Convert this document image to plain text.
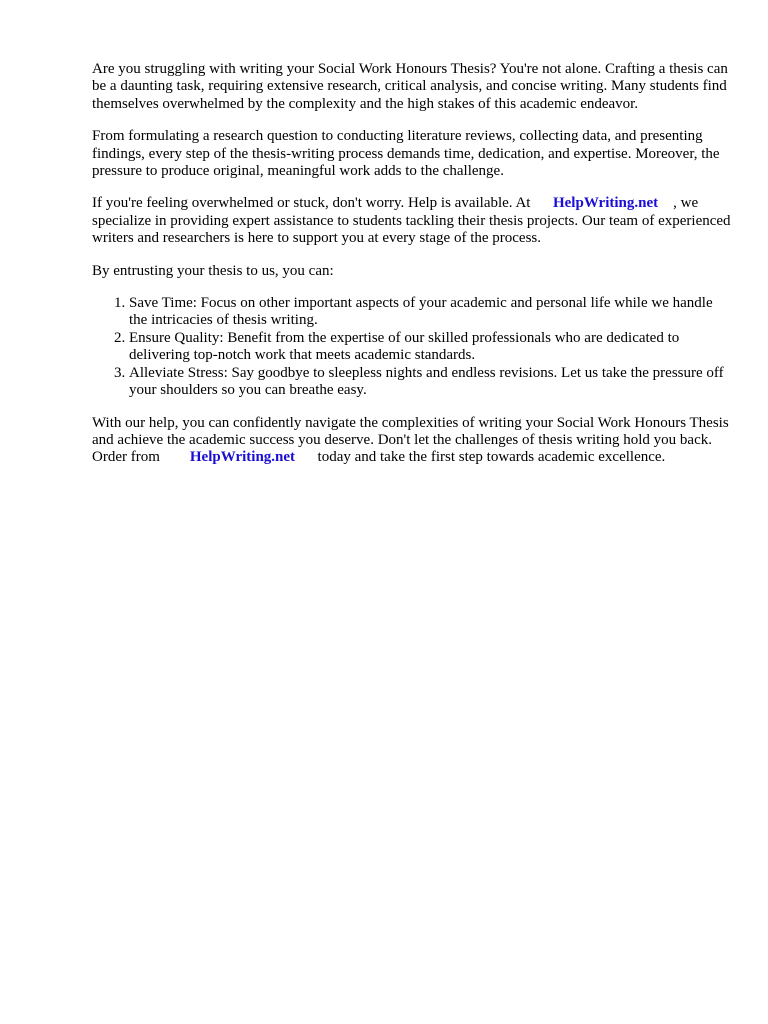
Are you struggling with writing your Social Work Honours Thesis? You're not alone. Crafting a thesis can be a daunting task, requiring extensive research, critical analysis, and concise writing. Many students find themselves overwhelmed by the complexity and the high stakes of this academic endeavor.

From formulating a research question to conducting literature reviews, collecting data, and presenting findings, every step of the thesis-writing process demands time, dedication, and expertise. Moreover, the pressure to produce original, meaningful work adds to the challenge.

If you're feeling overwhelmed or stuck, don't worry. Help is available. At HelpWriting.net , we specialize in providing expert assistance to students tackling their thesis projects. Our team of experienced writers and researchers is here to support you at every stage of the process.

By entrusting your thesis to us, you can:

1. Save Time: Focus on other important aspects of your academic and personal life while we handle the intricacies of thesis writing.
2. Ensure Quality: Benefit from the expertise of our skilled professionals who are dedicated to delivering top-notch work that meets academic standards.
3. Alleviate Stress: Say goodbye to sleepless nights and endless revisions. Let us take the pressure off your shoulders so you can breathe easy.

With our help, you can confidently navigate the complexities of writing your Social Work Honours Thesis and achieve the academic success you deserve. Don't let the challenges of thesis writing hold you back. Order from HelpWriting.net today and take the first step towards academic excellence.
